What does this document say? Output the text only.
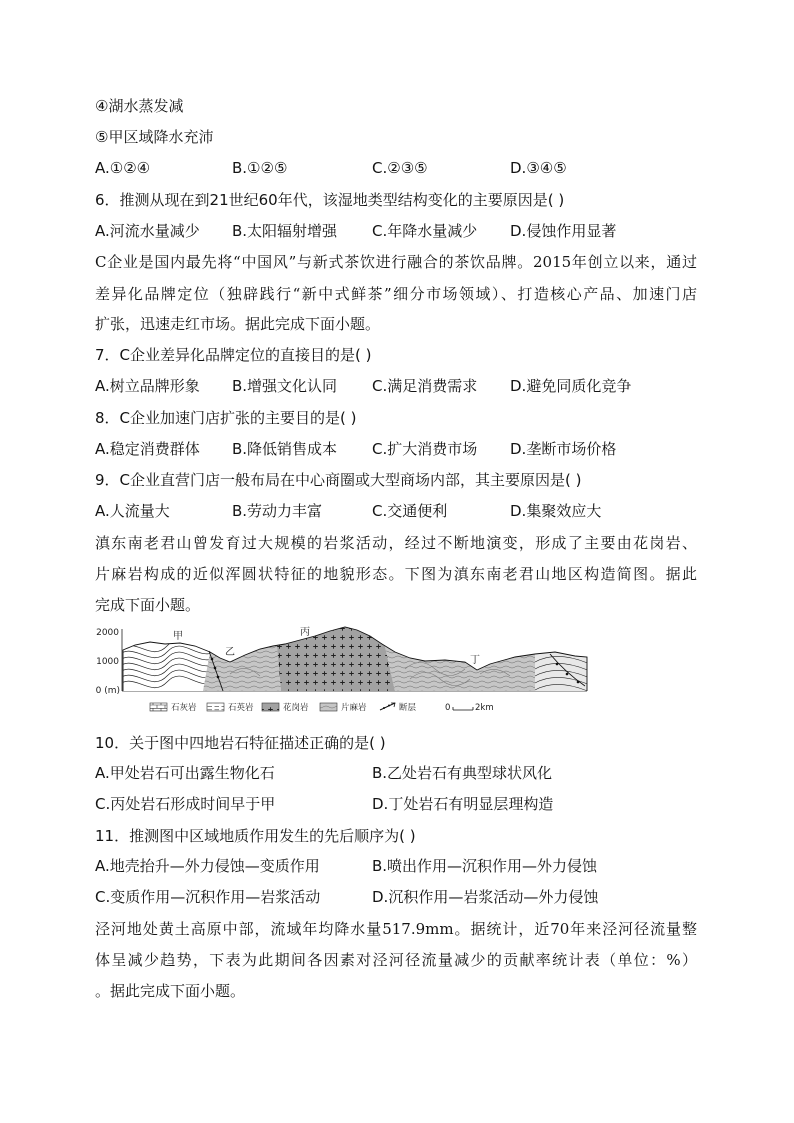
④湖水蒸发减
⑤甲区域降水充沛
A.①②④	B.①②⑤	C.②③⑤	D.③④⑤
6．推测从现在到21世纪60年代，该湿地类型结构变化的主要原因是( )
A.河流水量减少 B.太阳辐射增强 C.年降水量减少 D.侵蚀作用显著
C企业是国内最先将“中国风”与新式茶饮进行融合的茶饮品牌。2015年创立以来，通过
差异化品牌定位（独辟践行“新中式鲜茶”细分市场领域）、打造核心产品、加速门店
扩张，迅速走红市场。据此完成下面小题。
7．C企业差异化品牌定位的直接目的是( )
A.树立品牌形象 B.增强文化认同 C.满足消费需求 D.避免同质化竞争
8．C企业加速门店扩张的主要目的是( )
A.稳定消费群体 B.降低销售成本 C.扩大消费市场 D.垄断市场价格
9．C企业直营门店一般布局在中心商圈或大型商场内部，其主要原因是( )
A.人流量大	B.劳动力丰富	C.交通便利	D.集聚效应大
滇东南老君山曾发育过大规模的岩浆活动，经过不断地演变，形成了主要由花岗岩、
片麻岩构成的近似浑圆状特征的地貌形态。下图为滇东南老君山地区构造简图。据此
完成下面小题。
2000
1000
0 (m)
甲
乙
丙
丁
石灰岩	石英岩	花岗岩	片麻岩	断层	0	2km
10．关于图中四地岩石特征描述正确的是( )
A.甲处岩石可出露生物化石	B.乙处岩石有典型球状风化
C.丙处岩石形成时间早于甲	D.丁处岩石有明显层理构造
11．推测图中区域地质作用发生的先后顺序为( )
A.地壳抬升—外力侵蚀—变质作用	B.喷出作用—沉积作用—外力侵蚀
C.变质作用—沉积作用—岩浆活动	D.沉积作用—岩浆活动—外力侵蚀
泾河地处黄土高原中部，流域年均降水量517.9mm。据统计，近70年来泾河径流量整
体呈减少趋势，下表为此期间各因素对泾河径流量减少的贡献率统计表（单位：%）
。据此完成下面小题。
